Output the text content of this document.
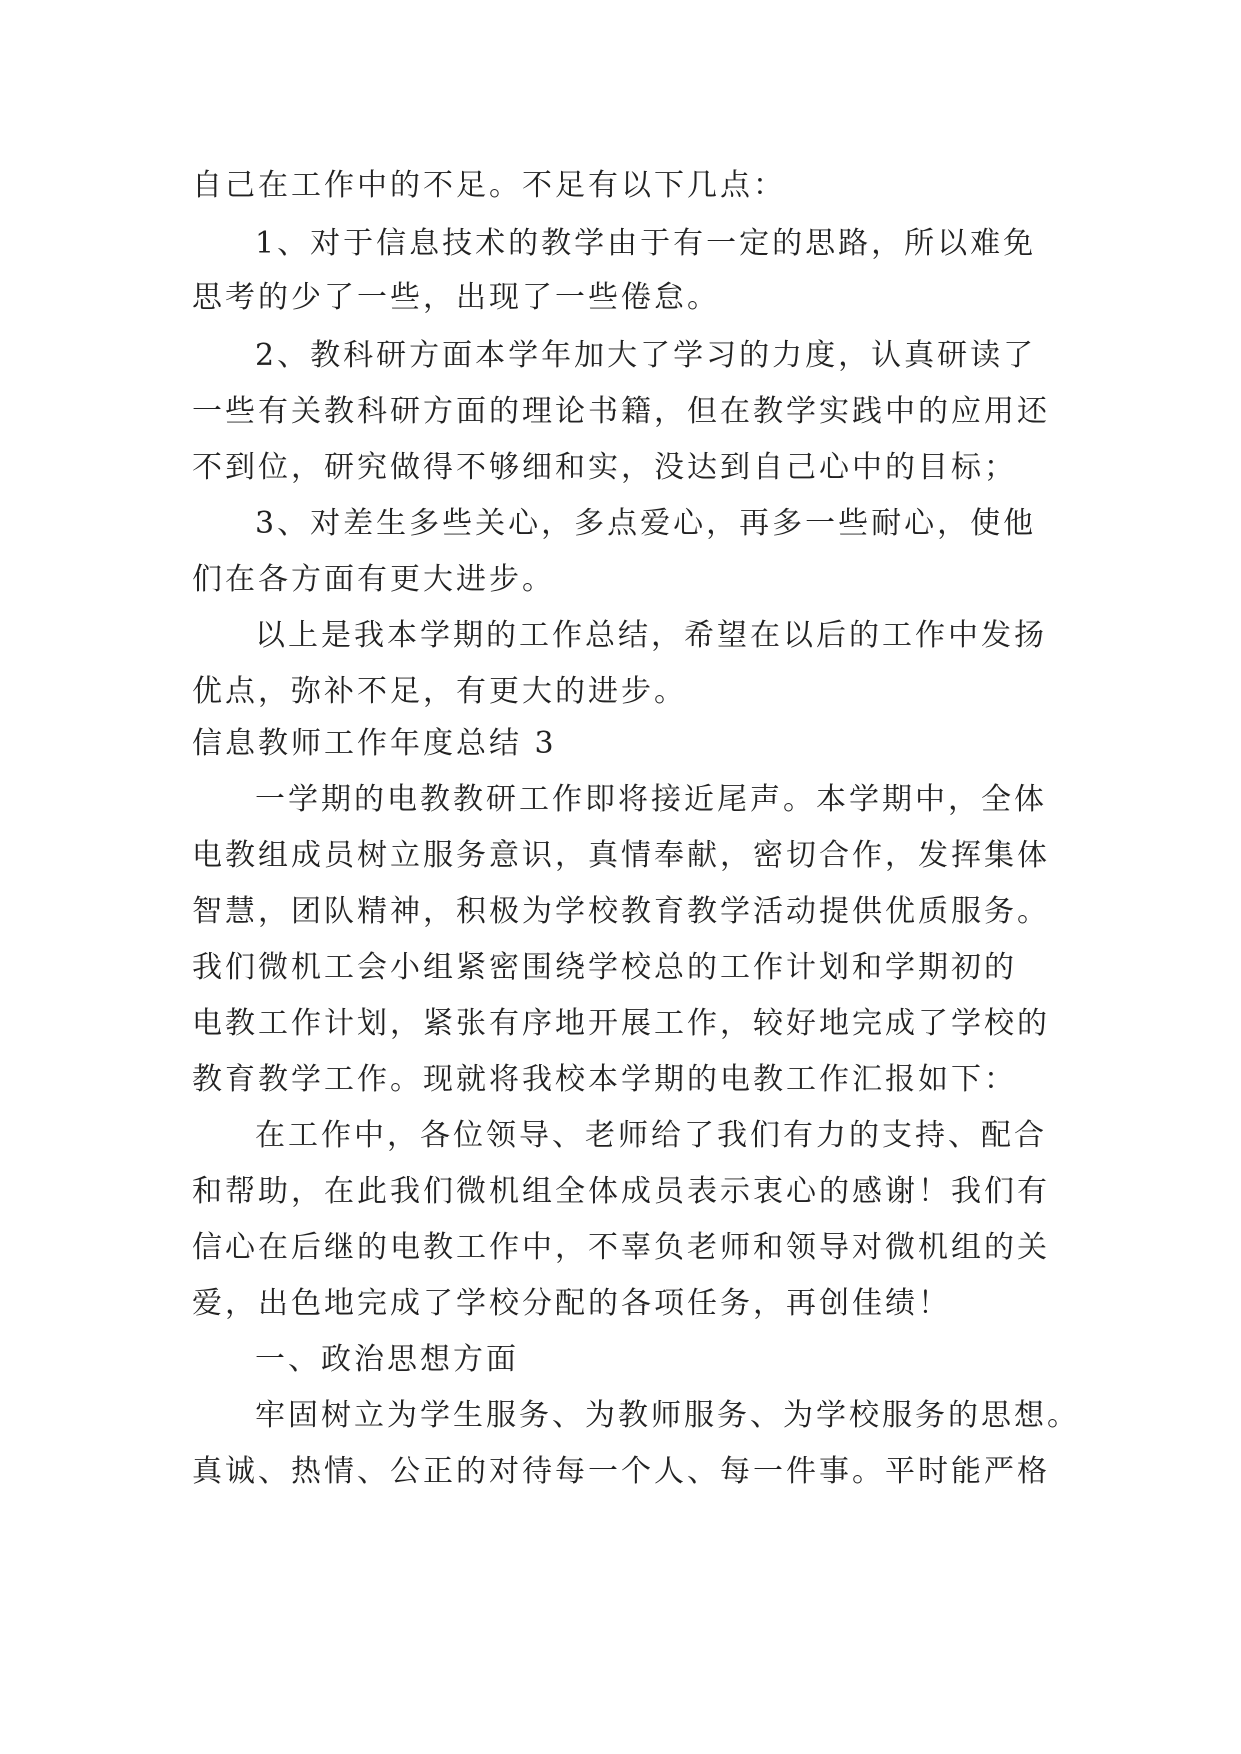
自己在工作中的不足。不足有以下几点：
1、对于信息技术的教学由于有一定的思路，所以难免
思考的少了一些，出现了一些倦怠。
2、教科研方面本学年加大了学习的力度，认真研读了
一些有关教科研方面的理论书籍，但在教学实践中的应用还
不到位，研究做得不够细和实，没达到自己心中的目标；
3、对差生多些关心，多点爱心，再多一些耐心，使他
们在各方面有更大进步。
以上是我本学期的工作总结，希望在以后的工作中发扬
优点，弥补不足，有更大的进步。
信息教师工作年度总结 3
一学期的电教教研工作即将接近尾声。本学期中，全体
电教组成员树立服务意识，真情奉献，密切合作，发挥集体
智慧，团队精神，积极为学校教育教学活动提供优质服务。
我们微机工会小组紧密围绕学校总的工作计划和学期初的
电教工作计划，紧张有序地开展工作，较好地完成了学校的
教育教学工作。现就将我校本学期的电教工作汇报如下：
在工作中，各位领导、老师给了我们有力的支持、配合
和帮助，在此我们微机组全体成员表示衷心的感谢！我们有
信心在后继的电教工作中，不辜负老师和领导对微机组的关
爱，出色地完成了学校分配的各项任务，再创佳绩！
一、政治思想方面
牢固树立为学生服务、为教师服务、为学校服务的思想。
真诚、热情、公正的对待每一个人、每一件事。平时能严格
